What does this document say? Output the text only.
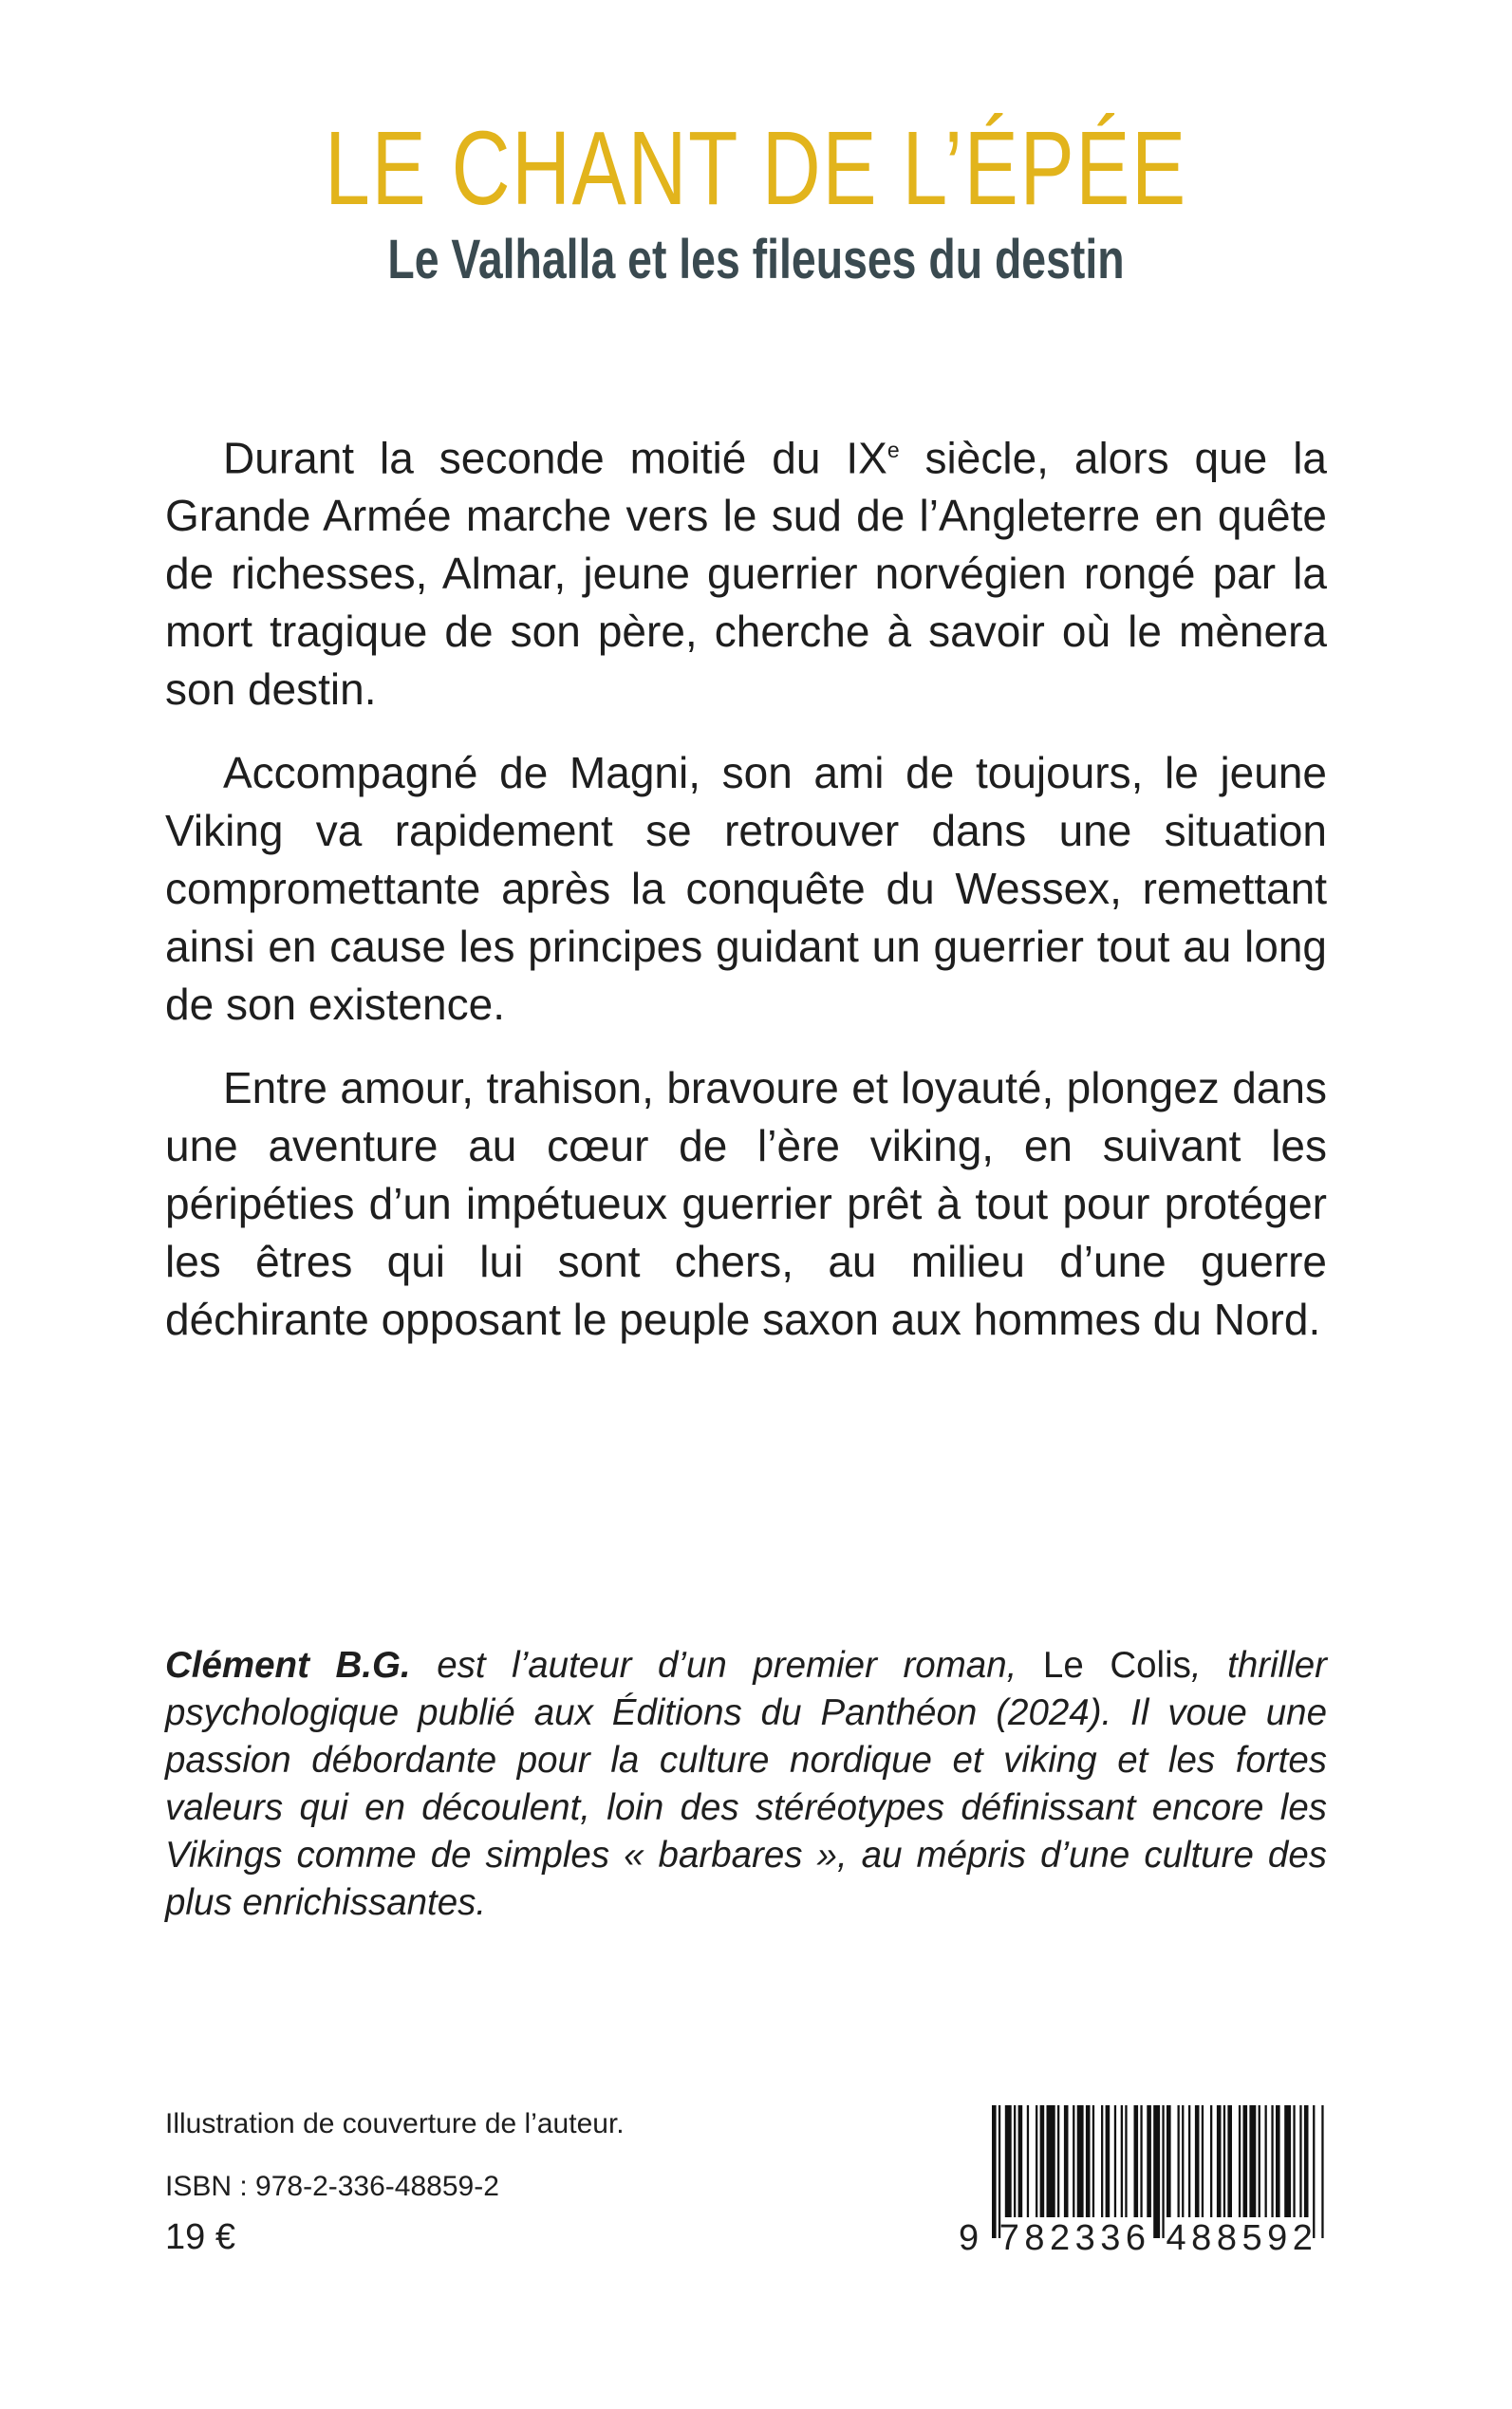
LE CHANT DE L’ÉPÉE
Le Valhalla et les fileuses du destin

Durant la seconde moitié du IXe siècle, alors que la Grande Armée marche vers le sud de l’Angleterre en quête de richesses, Almar, jeune guerrier norvégien rongé par la mort tragique de son père, cherche à savoir où le mènera son destin.

Accompagné de Magni, son ami de toujours, le jeune Viking va rapidement se retrouver dans une situation compromettante après la conquête du Wessex, remettant ainsi en cause les principes guidant un guerrier tout au long de son existence.

Entre amour, trahison, bravoure et loyauté, plongez dans une aventure au cœur de l’ère viking, en suivant les péripéties d’un impétueux guerrier prêt à tout pour protéger les êtres qui lui sont chers, au milieu d’une guerre déchirante opposant le peuple saxon aux hommes du Nord.

Clément B.G. est l’auteur d’un premier roman, Le Colis, thriller psychologique publié aux Éditions du Panthéon (2024). Il voue une passion débordante pour la culture nordique et viking et les fortes valeurs qui en découlent, loin des stéréotypes définissant encore les Vikings comme de simples « barbares », au mépris d’une culture des plus enrichissantes.
Illustration de couverture de l’auteur.
ISBN : 978-2-336-48859-2
19 €	9 782336 488592
